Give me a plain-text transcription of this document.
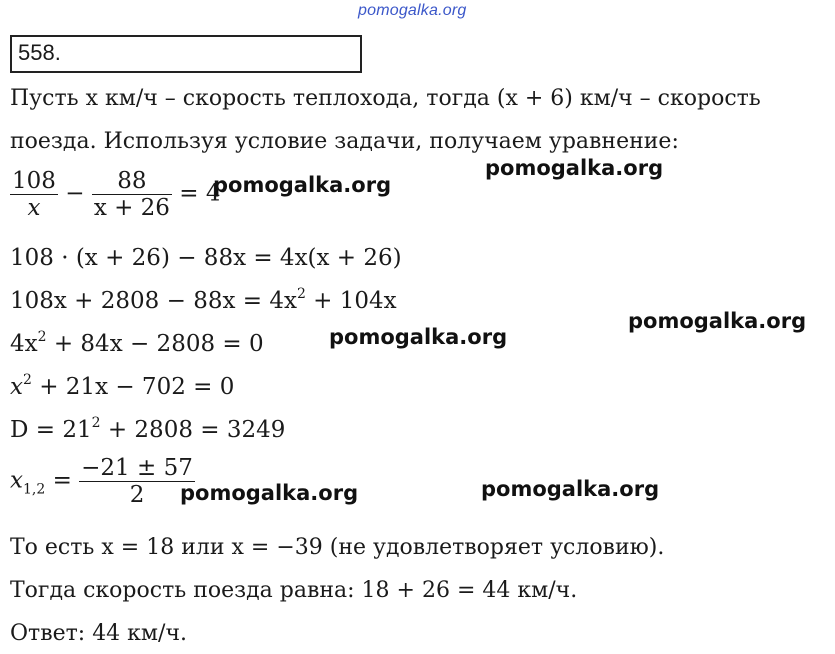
pomogalka.org
558.
Пусть x км/ч – скорость теплохода, тогда (x + 6) км/ч – скорость
поезда. Используя условие задачи, получаем уравнение:
$\frac{108}{x} - \frac{88}{x + 26} = 4$
108 · (x + 26) − 88x = 4x(x + 26)
$108x + 2808 - 88x = 4x^2 + 104x$
$4x^2 + 84x - 2808 = 0$
$x^2 + 21x - 702 = 0$
$D = 21^2 + 2808 = 3249$
$x_{1,2} = \frac{-21 \pm 57}{2}$
То есть x = 18 или x = −39 (не удовлетворяет условию).
Тогда скорость поезда равна: 18 + 26 = 44 км/ч.
Ответ: 44 км/ч.
pomogalka.org
pomogalka.org
pomogalka.org
pomogalka.org
pomogalka.org
pomogalka.org
